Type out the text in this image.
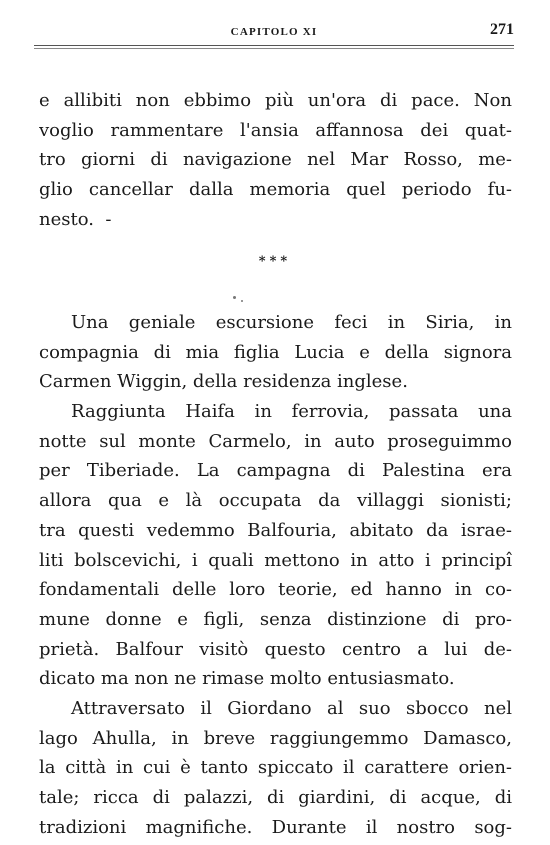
CAPITOLO XI	271

e allibiti non ebbimo più un'ora di pace. Non
voglio rammentare l'ansia affannosa dei quat-
tro giorni di navigazione nel Mar Rosso, me-
glio cancellar dalla memoria quel periodo fu-
nesto.  -

***

Una geniale escursione feci in Siria, in
compagnia di mia figlia Lucia e della signora
Carmen Wiggin, della residenza inglese.

Raggiunta Haifa in ferrovia, passata una
notte sul monte Carmelo, in auto proseguimmo
per Tiberiade. La campagna di Palestina era
allora qua e là occupata da villaggi sionisti;
tra questi vedemmo Balfouria, abitato da israe-
liti bolscevichi, i quali mettono in atto i principî
fondamentali delle loro teorie, ed hanno in co-
mune donne e figli, senza distinzione di pro-
prietà. Balfour visitò questo centro a lui de-
dicato ma non ne rimase molto entusiasmato.

Attraversato il Giordano al suo sbocco nel
lago Ahulla, in breve raggiungemmo Damasco,
la città in cui è tanto spiccato il carattere orien-
tale; ricca di palazzi, di giardini, di acque, di
tradizioni magnifiche. Durante il nostro sog-
